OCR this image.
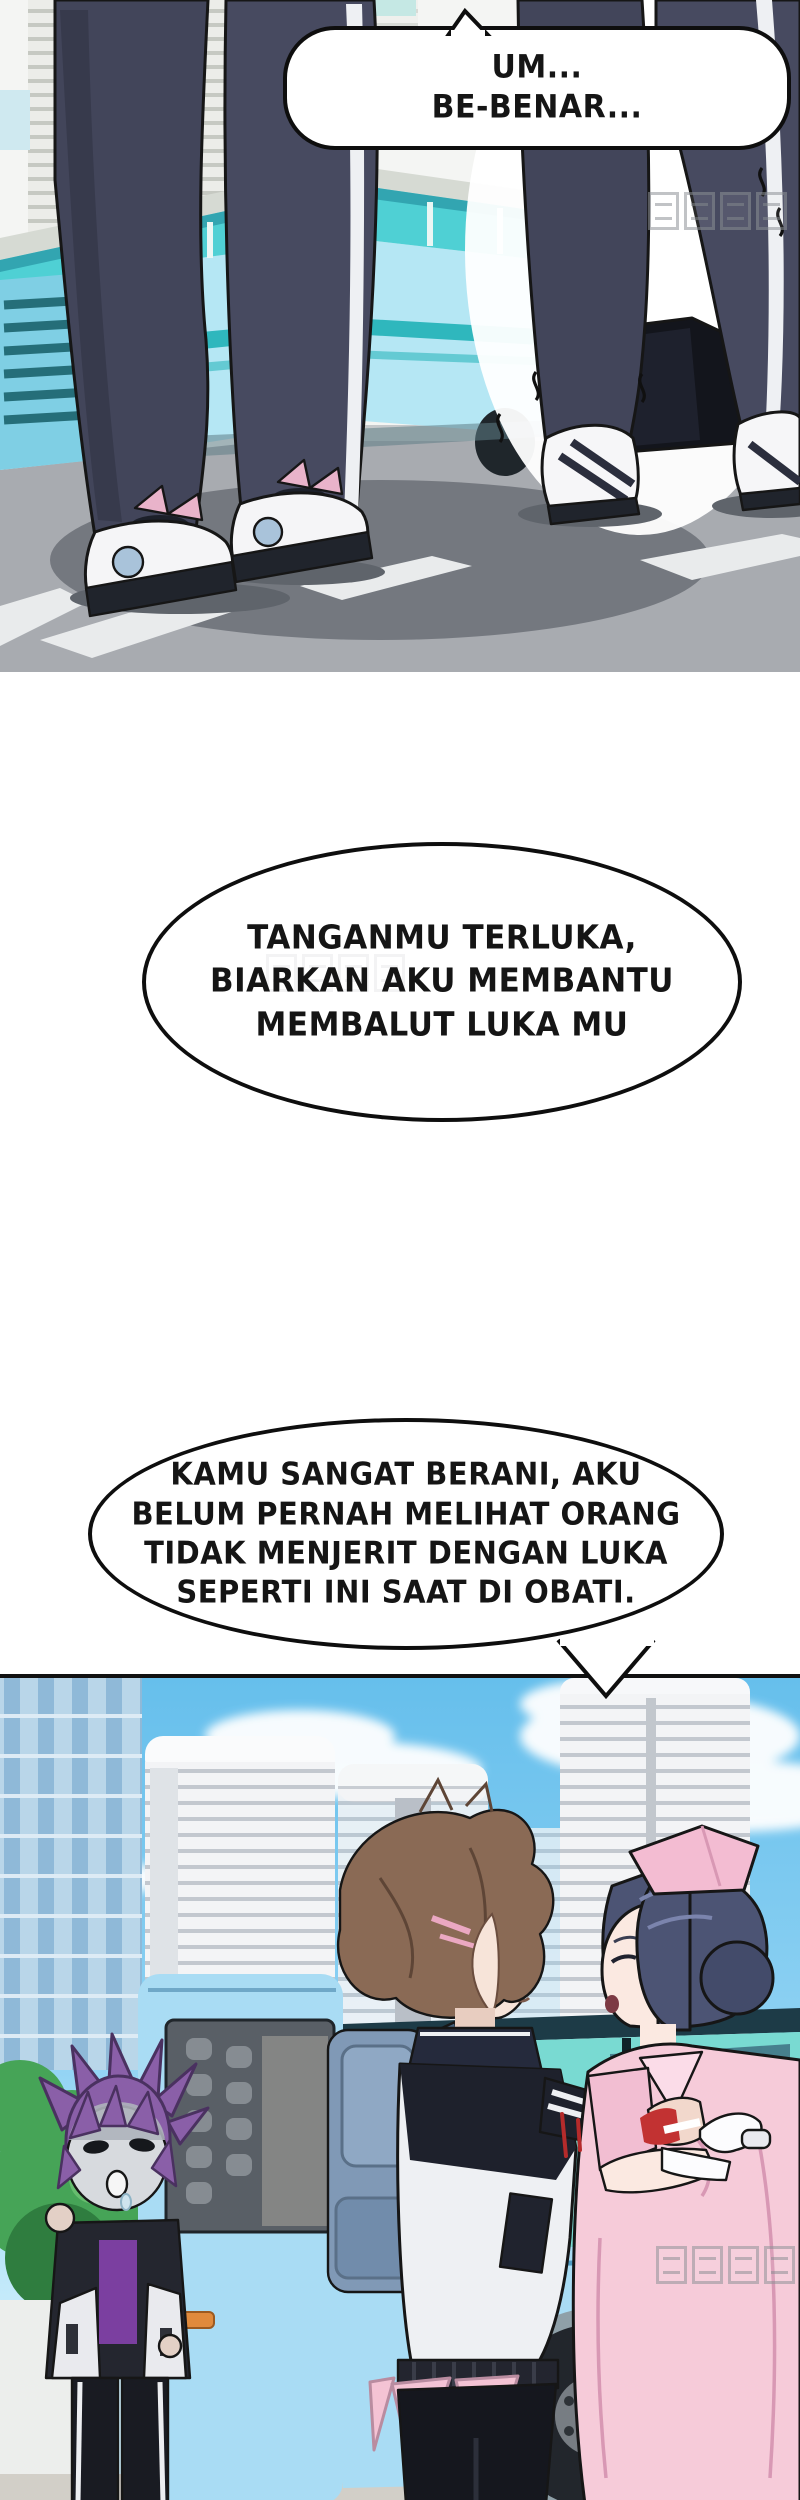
UM...
BE-BENAR...
TANGANMU TERLUKA,
BIARKAN AKU MEMBANTU
MEMBALUT LUKA MU
KAMU SANGAT BERANI, AKU
BELUM PERNAH MELIHAT ORANG
TIDAK MENJERIT DENGAN LUKA
SEPERTI INI SAAT DI OBATI.
